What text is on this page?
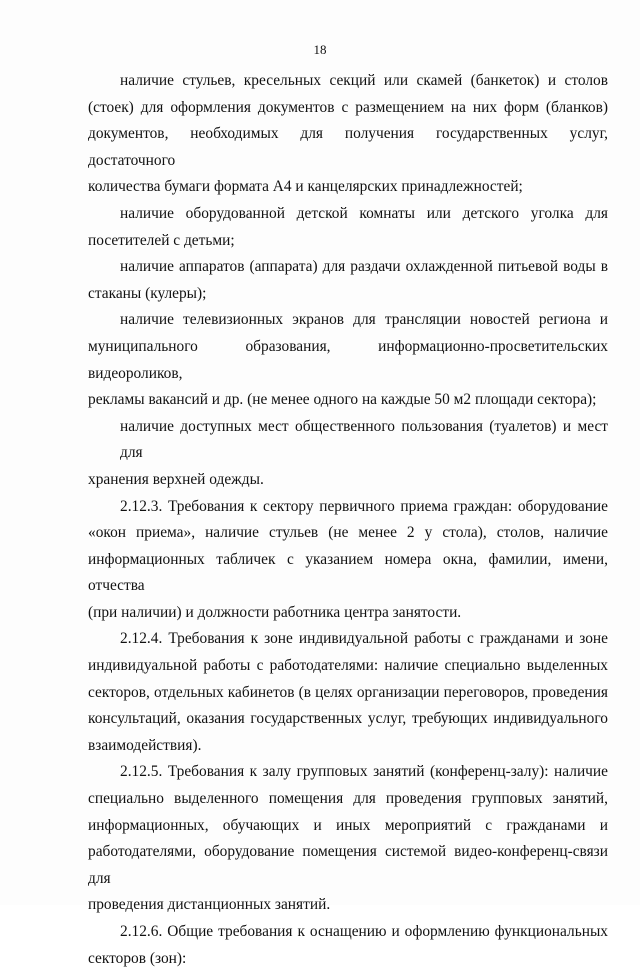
18

наличие стульев, кресельных секций или скамей (банкеток) и столов
(стоек) для оформления документов с размещением на них форм (бланков)
документов, необходимых для получения государственных услуг, достаточного
количества бумаги формата А4 и канцелярских принадлежностей;

наличие оборудованной детской комнаты или детского уголка для
посетителей с детьми;

наличие аппаратов (аппарата) для раздачи охлажденной питьевой воды в
стаканы (кулеры);

наличие телевизионных экранов для трансляции новостей региона и
муниципального образования, информационно-просветительских видеороликов,
рекламы вакансий и др. (не менее одного на каждые 50 м2 площади сектора);

наличие доступных мест общественного пользования (туалетов) и мест для
хранения верхней одежды.

2.12.3. Требования к сектору первичного приема граждан: оборудование
«окон приема», наличие стульев (не менее 2 у стола), столов, наличие
информационных табличек с указанием номера окна, фамилии, имени, отчества
(при наличии) и должности работника центра занятости.

2.12.4. Требования к зоне индивидуальной работы с гражданами и зоне
индивидуальной работы с работодателями: наличие специально выделенных
секторов, отдельных кабинетов (в целях организации переговоров, проведения
консультаций, оказания государственных услуг, требующих индивидуального
взаимодействия).

2.12.5. Требования к залу групповых занятий (конференц-залу): наличие
специально выделенного помещения для проведения групповых занятий,
информационных, обучающих и иных мероприятий с гражданами и
работодателями, оборудование помещения системой видео-конференц-связи для
проведения дистанционных занятий.

2.12.6. Общие требования к оснащению и оформлению функциональных
секторов (зон):
